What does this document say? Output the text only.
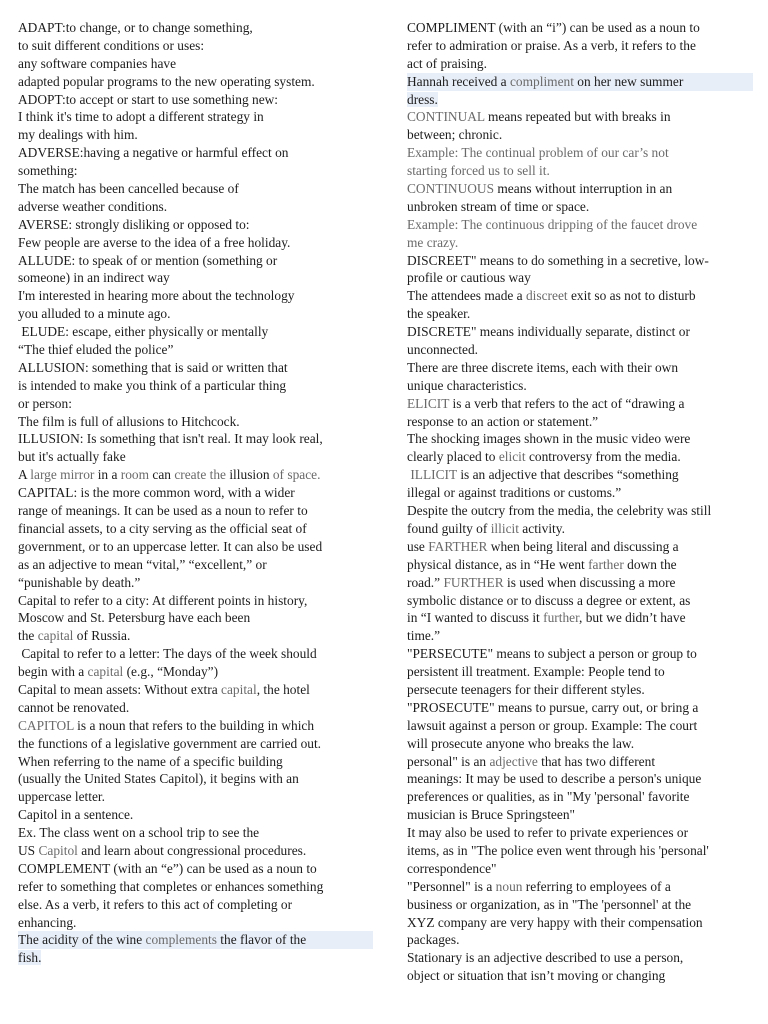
ADAPT:to change, or to change something,
to suit different conditions or uses:
any software companies have
adapted popular programs to the new operating system.
ADOPT:to accept or start to use something new:
I think it's time to adopt a different strategy in
my dealings with him.
ADVERSE:having a negative or harmful effect on
something:
The match has been cancelled because of
adverse weather conditions.
AVERSE: strongly disliking or opposed to:
Few people are averse to the idea of a free holiday.
ALLUDE: to speak of or mention (something or
someone) in an indirect way
I'm interested in hearing more about the technology
you alluded to a minute ago.
ELUDE: escape, either physically or mentally
“The thief eluded the police”
ALLUSION: something that is said or written that
is intended to make you think of a particular thing
or person:
The film is full of allusions to Hitchcock.
ILLUSION: Is something that isn't real. It may look real,
but it's actually fake
A large mirror in a room can create the illusion of space.
CAPITAL: is the more common word, with a wider
range of meanings. It can be used as a noun to refer to
financial assets, to a city serving as the official seat of
government, or to an uppercase letter. It can also be used
as an adjective to mean “vital,” “excellent,” or
“punishable by death.”
Capital to refer to a city: At different points in history,
Moscow and St. Petersburg have each been
the capital of Russia.
Capital to refer to a letter: The days of the week should
begin with a capital (e.g., “Monday”)
Capital to mean assets: Without extra capital, the hotel
cannot be renovated.
CAPITOL is a noun that refers to the building in which
the functions of a legislative government are carried out.
When referring to the name of a specific building
(usually the United States Capitol), it begins with an
uppercase letter.
Capitol in a sentence.
Ex. The class went on a school trip to see the
US Capitol and learn about congressional procedures.
COMPLEMENT (with an “e”) can be used as a noun to
refer to something that completes or enhances something
else. As a verb, it refers to this act of completing or
enhancing.
The acidity of the wine complements the flavor of the
fish.
COMPLIMENT (with an “i”) can be used as a noun to
refer to admiration or praise. As a verb, it refers to the
act of praising.
Hannah received a compliment on her new summer
dress.
CONTINUAL means repeated but with breaks in
between; chronic.
Example: The continual problem of our car’s not
starting forced us to sell it.
CONTINUOUS means without interruption in an
unbroken stream of time or space.
Example: The continuous dripping of the faucet drove
me crazy.
DISCREET" means to do something in a secretive, low-
profile or cautious way
The attendees made a discreet exit so as not to disturb
the speaker.
DISCRETE" means individually separate, distinct or
unconnected.
There are three discrete items, each with their own
unique characteristics.
ELICIT is a verb that refers to the act of “drawing a
response to an action or statement.”
The shocking images shown in the music video were
clearly placed to elicit controversy from the media.
ILLICIT is an adjective that describes “something
illegal or against traditions or customs.”
Despite the outcry from the media, the celebrity was still
found guilty of illicit activity.
use FARTHER when being literal and discussing a
physical distance, as in “He went farther down the
road.” FURTHER is used when discussing a more
symbolic distance or to discuss a degree or extent, as
in “I wanted to discuss it further, but we didn’t have
time.”
"PERSECUTE" means to subject a person or group to
persistent ill treatment. Example: People tend to
persecute teenagers for their different styles.
"PROSECUTE" means to pursue, carry out, or bring a
lawsuit against a person or group. Example: The court
will prosecute anyone who breaks the law.
personal" is an adjective that has two different
meanings: It may be used to describe a person's unique
preferences or qualities, as in "My 'personal' favorite
musician is Bruce Springsteen"
It may also be used to refer to private experiences or
items, as in "The police even went through his 'personal'
correspondence"
"Personnel" is a noun referring to employees of a
business or organization, as in "The 'personnel' at the
XYZ company are very happy with their compensation
packages.
Stationary is an adjective described to use a person,
object or situation that isn’t moving or changing
